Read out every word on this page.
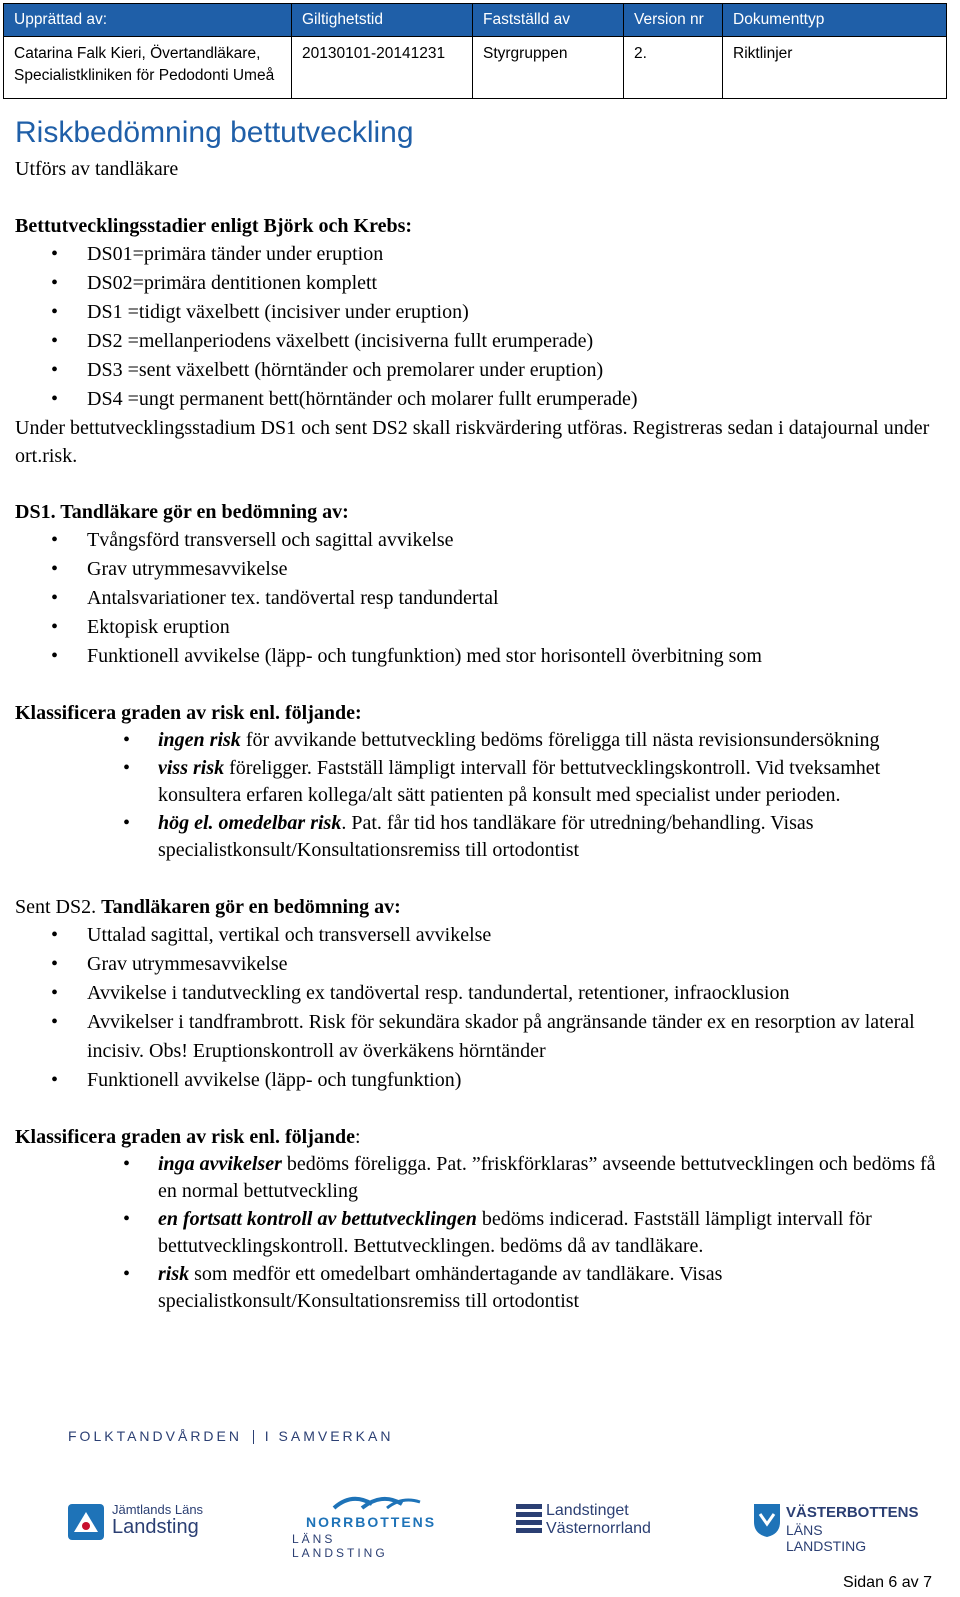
Upprättad av:	Giltighetstid	Fastställd av	Version nr	Dokumenttyp

Catarina Falk Kieri, Övertandläkare,
Specialistkliniken för Pedodonti Umeå	20130101-20141231	Styrgruppen	2.	Riktlinjer
Riskbedömning bettutveckling
Utförs av tandläkare

Bettutvecklingsstadier enligt Björk och Krebs:

• DS01=primära tänder under eruption
• DS02=primära dentitionen komplett
• DS1 =tidigt växelbett (incisiver under eruption)
• DS2 =mellanperiodens växelbett (incisiverna fullt erumperade)
• DS3 =sent växelbett (hörntänder och premolarer under eruption)
• DS4 =ungt permanent bett(hörntänder och molarer fullt erumperade)

Under bettutvecklingsstadium DS1 och sent DS2 skall riskvärdering utföras. Registreras sedan i datajournal under ort.risk.

DS1. Tandläkare gör en bedömning av:

• Tvångsförd transversell och sagittal avvikelse
• Grav utrymmesavvikelse
• Antalsvariationer tex. tandövertal resp tandundertal
• Ektopisk eruption
• Funktionell avvikelse (läpp- och tungfunktion) med stor horisontell överbitning som

Klassificera graden av risk enl. följande:

• ingen risk för avvikande bettutveckling bedöms föreligga till nästa revisionsundersökning
• viss risk föreligger. Fastställ lämpligt intervall för bettutvecklingskontroll. Vid tveksamhet konsultera erfaren kollega/alt sätt patienten på konsult med specialist under perioden.
• hög el. omedelbar risk. Pat. får tid hos tandläkare för utredning/behandling. Visas specialistkonsult/Konsultationsremiss till ortodontist

Sent DS2. Tandläkaren gör en bedömning av:

• Uttalad sagittal, vertikal och transversell avvikelse
• Grav utrymmesavvikelse
• Avvikelse i tandutveckling ex tandövertal resp. tandundertal, retentioner, infraocklusion
• Avvikelser i tandframbrott. Risk för sekundära skador på angränsande tänder ex en resorption av lateral incisiv. Obs! Eruptionskontroll av överkäkens hörntänder
• Funktionell avvikelse (läpp- och tungfunktion)

Klassificera graden av risk enl. följande:

• inga avvikelser bedöms föreligga. Pat. ”friskförklaras” avseende bettutvecklingen och bedöms få en normal bettutveckling
• en fortsatt kontroll av bettutvecklingen bedöms indicerad. Fastställ lämpligt intervall för bettutvecklingskontroll. Bettutvecklingen. bedöms då av tandläkare.
• risk som medför ett omedelbart omhändertagande av tandläkare. Visas specialistkonsult/Konsultationsremiss till ortodontist
FOLKTANDVÅRDEN I SAMVERKAN
Jämtlands Läns
Landsting	NORRBOTTENS
LÄNS LANDSTING
Landstinget
Västernorrland
VÄSTERBOTTENS
LÄNS LANDSTING
Sidan 6 av 7
